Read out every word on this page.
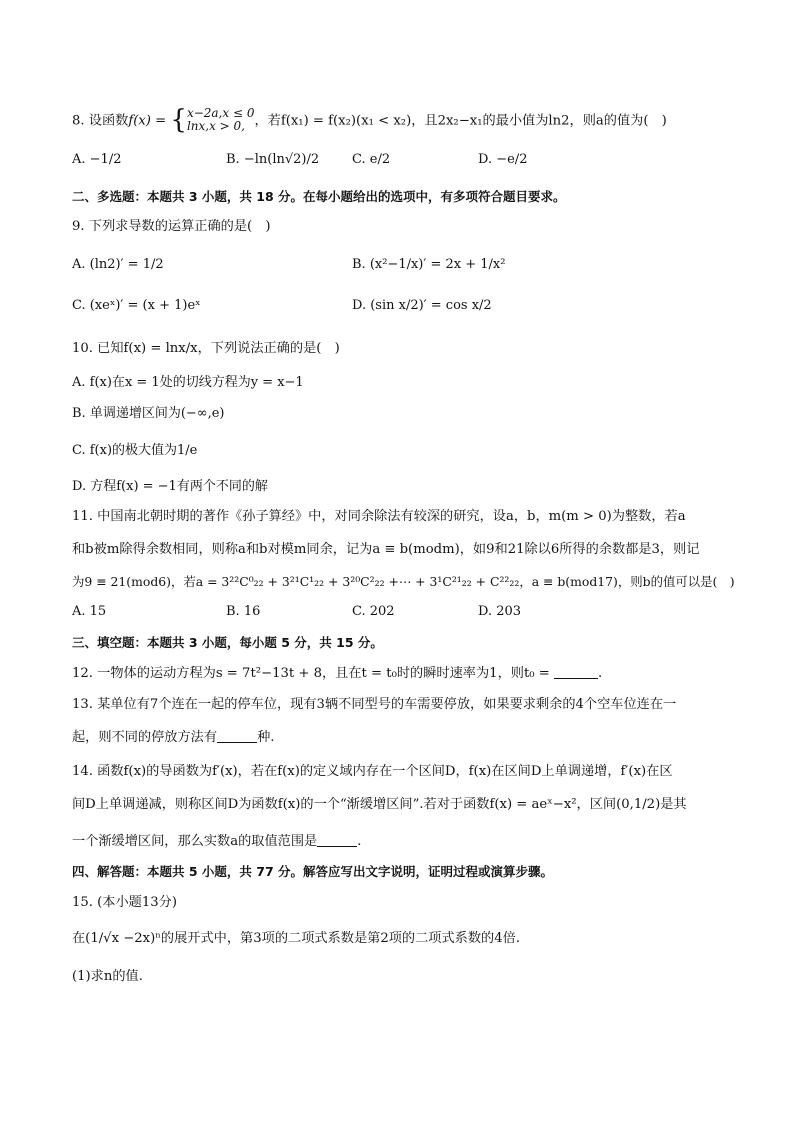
8. 设函数f(x) = {x−2a,x ≤ 0
lnx,x > 0, ，若f(x₁) = f(x₂)(x₁ < x₂)，且2x₂−x₁的最小值为ln2，则a的值为(　)
A. −1/2	B. −ln(ln√2)/2	C. e/2	D. −e/2
二、多选题：本题共 3 小题，共 18 分。在每小题给出的选项中，有多项符合题目要求。
9. 下列求导数的运算正确的是(　)
A. (ln2)′ = 1/2	B. (x²−1/x)′ = 2x + 1/x²
C. (xeˣ)′ = (x + 1)eˣ	D. (sin x/2)′ = cos x/2
10. 已知f(x) = lnx/x，下列说法正确的是(　)
A. f(x)在x = 1处的切线方程为y = x−1
B. 单调递增区间为(−∞,e)
C. f(x)的极大值为1/e
D. 方程f(x) = −1有两个不同的解
11. 中国南北朝时期的著作《孙子算经》中，对同余除法有较深的研究，设a，b，m(m > 0)为整数，若a
和b被m除得余数相同，则称a和b对模m同余，记为a ≡ b(modm)，如9和21除以6所得的余数都是3，则记
为9 ≡ 21(mod6)，若a = 3²²C⁰₂₂ + 3²¹C¹₂₂ + 3²⁰C²₂₂ +⋯ + 3¹C²¹₂₂ + C²²₂₂，a ≡ b(mod17)，则b的值可以是(　)
A. 15	B. 16	C. 202	D. 203
三、填空题：本题共 3 小题，每小题 5 分，共 15 分。
12. 一物体的运动方程为s = 7t²−13t + 8，且在t = t₀时的瞬时速率为1，则t₀ =	.
13. 某单位有7个连在一起的停车位，现有3辆不同型号的车需要停放，如果要求剩余的4个空车位连在一
起，则不同的停放方法有	种.
14. 函数f(x)的导函数为f′(x)，若在f(x)的定义域内存在一个区间D，f(x)在区间D上单调递增，f′(x)在区
间D上单调递减，则称区间D为函数f(x)的一个“渐缓增区间”.若对于函数f(x) = aeˣ−x²，区间(0,1/2)是其
一个渐缓增区间，那么实数a的取值范围是	.
四、解答题：本题共 5 小题，共 77 分。解答应写出文字说明，证明过程或演算步骤。
15. (本小题13分)
在(1/√x −2x)ⁿ的展开式中，第3项的二项式系数是第2项的二项式系数的4倍.
(1)求n的值.
